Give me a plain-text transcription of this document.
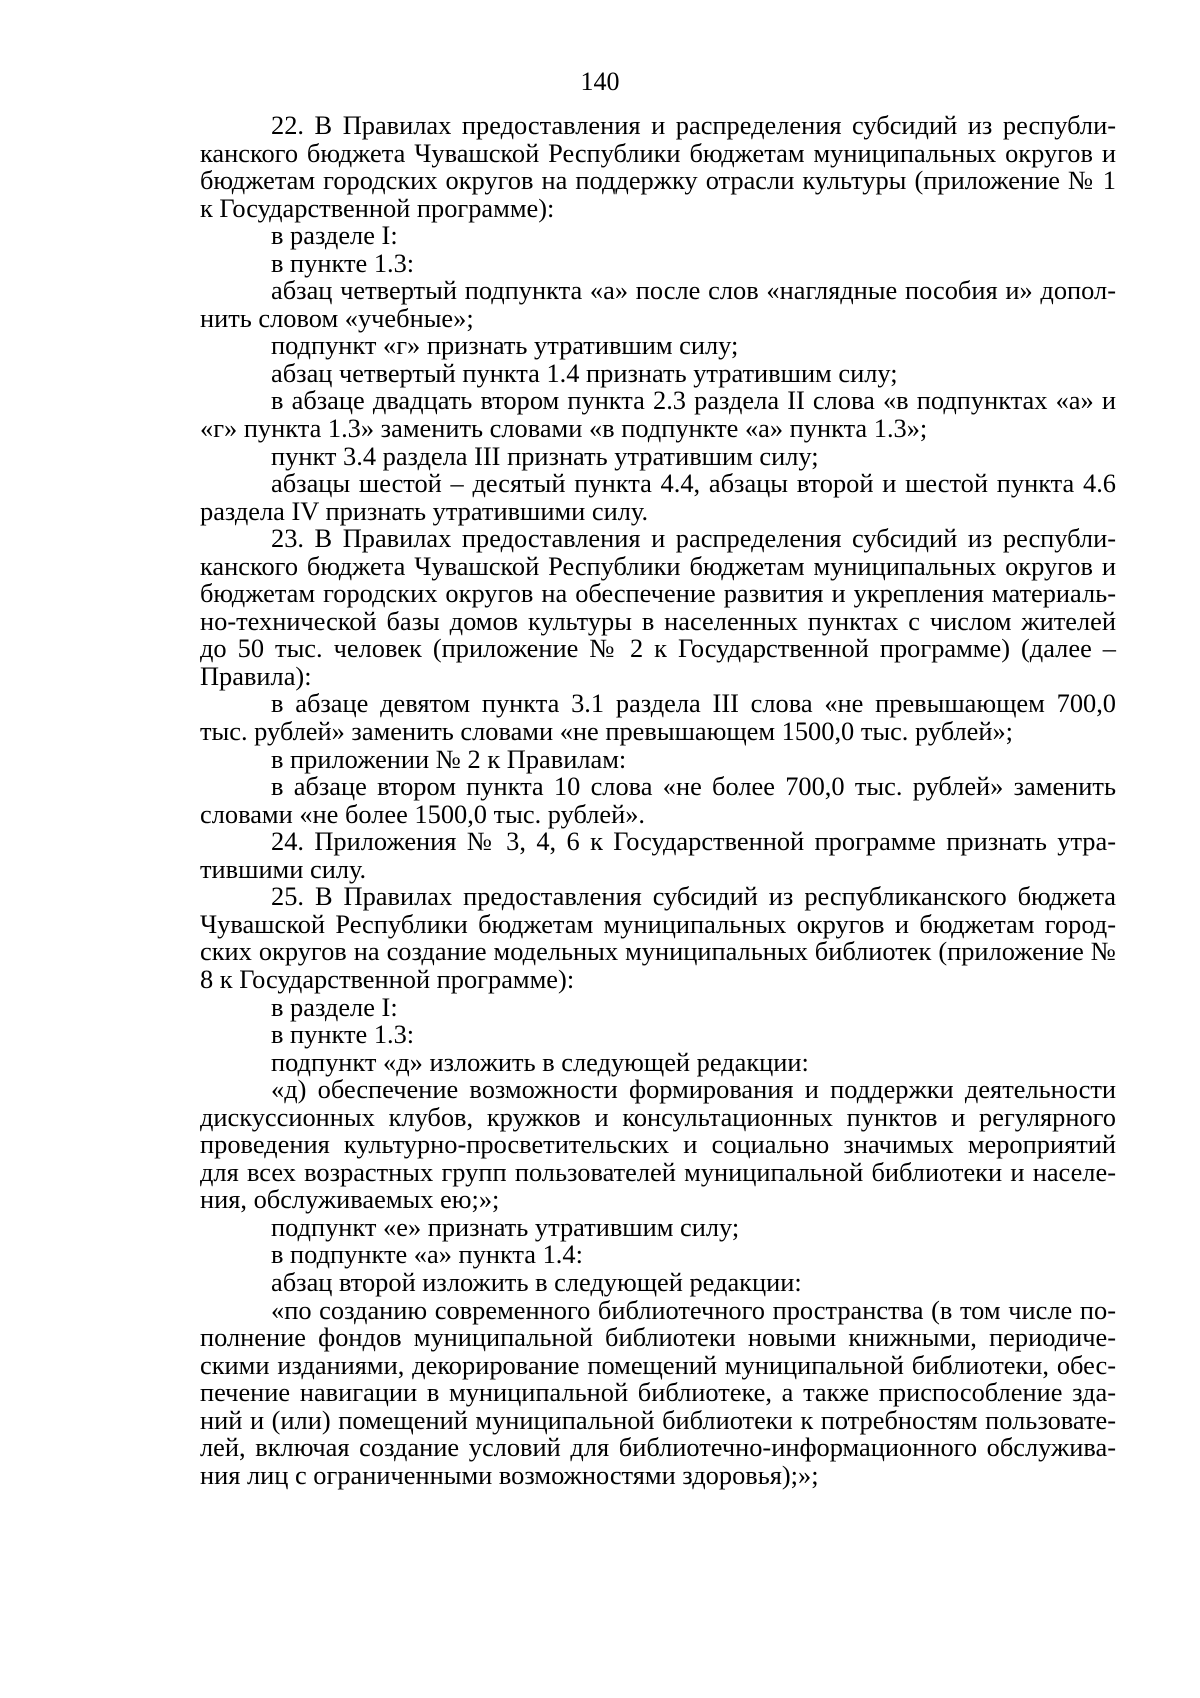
140

22. В Правилах предоставления и распределения субсидий из республиканского бюджета Чувашской Республики бюджетам муниципальных округов и бюджетам городских округов на поддержку отрасли культуры (приложение № 1 к Государственной программе):

в разделе I:

в пункте 1.3:

абзац четвертый подпункта «а» после слов «наглядные пособия и» дополнить словом «учебные»;

подпункт «г» признать утратившим силу;

абзац четвертый пункта 1.4 признать утратившим силу;

в абзаце двадцать втором пункта 2.3 раздела II слова «в подпунктах «а» и «г» пункта 1.3» заменить словами «в подпункте «а» пункта 1.3»;

пункт 3.4 раздела III признать утратившим силу;

абзацы шестой – десятый пункта 4.4, абзацы второй и шестой пункта 4.6 раздела IV признать утратившими силу.

23. В Правилах предоставления и распределения субсидий из республиканского бюджета Чувашской Республики бюджетам муниципальных округов и бюджетам городских округов на обеспечение развития и укрепления материально-технической базы домов культуры в населенных пунктах с числом жителей до 50 тыс. человек (приложение № 2 к Государственной программе) (далее – Правила):

в абзаце девятом пункта 3.1 раздела III слова «не превышающем 700,0 тыс. рублей» заменить словами «не превышающем 1500,0 тыс. рублей»;

в приложении № 2 к Правилам:

в абзаце втором пункта 10 слова «не более 700,0 тыс. рублей» заменить словами «не более 1500,0 тыс. рублей».

24. Приложения № 3, 4, 6 к Государственной программе признать утратившими силу.

25. В Правилах предоставления субсидий из республиканского бюджета Чувашской Республики бюджетам муниципальных округов и бюджетам городских округов на создание модельных муниципальных библиотек (приложение № 8 к Государственной программе):

в разделе I:

в пункте 1.3:

подпункт «д» изложить в следующей редакции:

«д) обеспечение возможности формирования и поддержки деятельности дискуссионных клубов, кружков и консультационных пунктов и регулярного проведения культурно-просветительских и социально значимых мероприятий для всех возрастных групп пользователей муниципальной библиотеки и населения, обслуживаемых ею;»;

подпункт «е» признать утратившим силу;

в подпункте «а» пункта 1.4:

абзац второй изложить в следующей редакции:

«по созданию современного библиотечного пространства (в том числе пополнение фондов муниципальной библиотеки новыми книжными, периодическими изданиями, декорирование помещений муниципальной библиотеки, обеспечение навигации в муниципальной библиотеке, а также приспособление зданий и (или) помещений муниципальной библиотеки к потребностям пользователей, включая создание условий для библиотечно-информационного обслуживания лиц с ограниченными возможностями здоровья);»;
